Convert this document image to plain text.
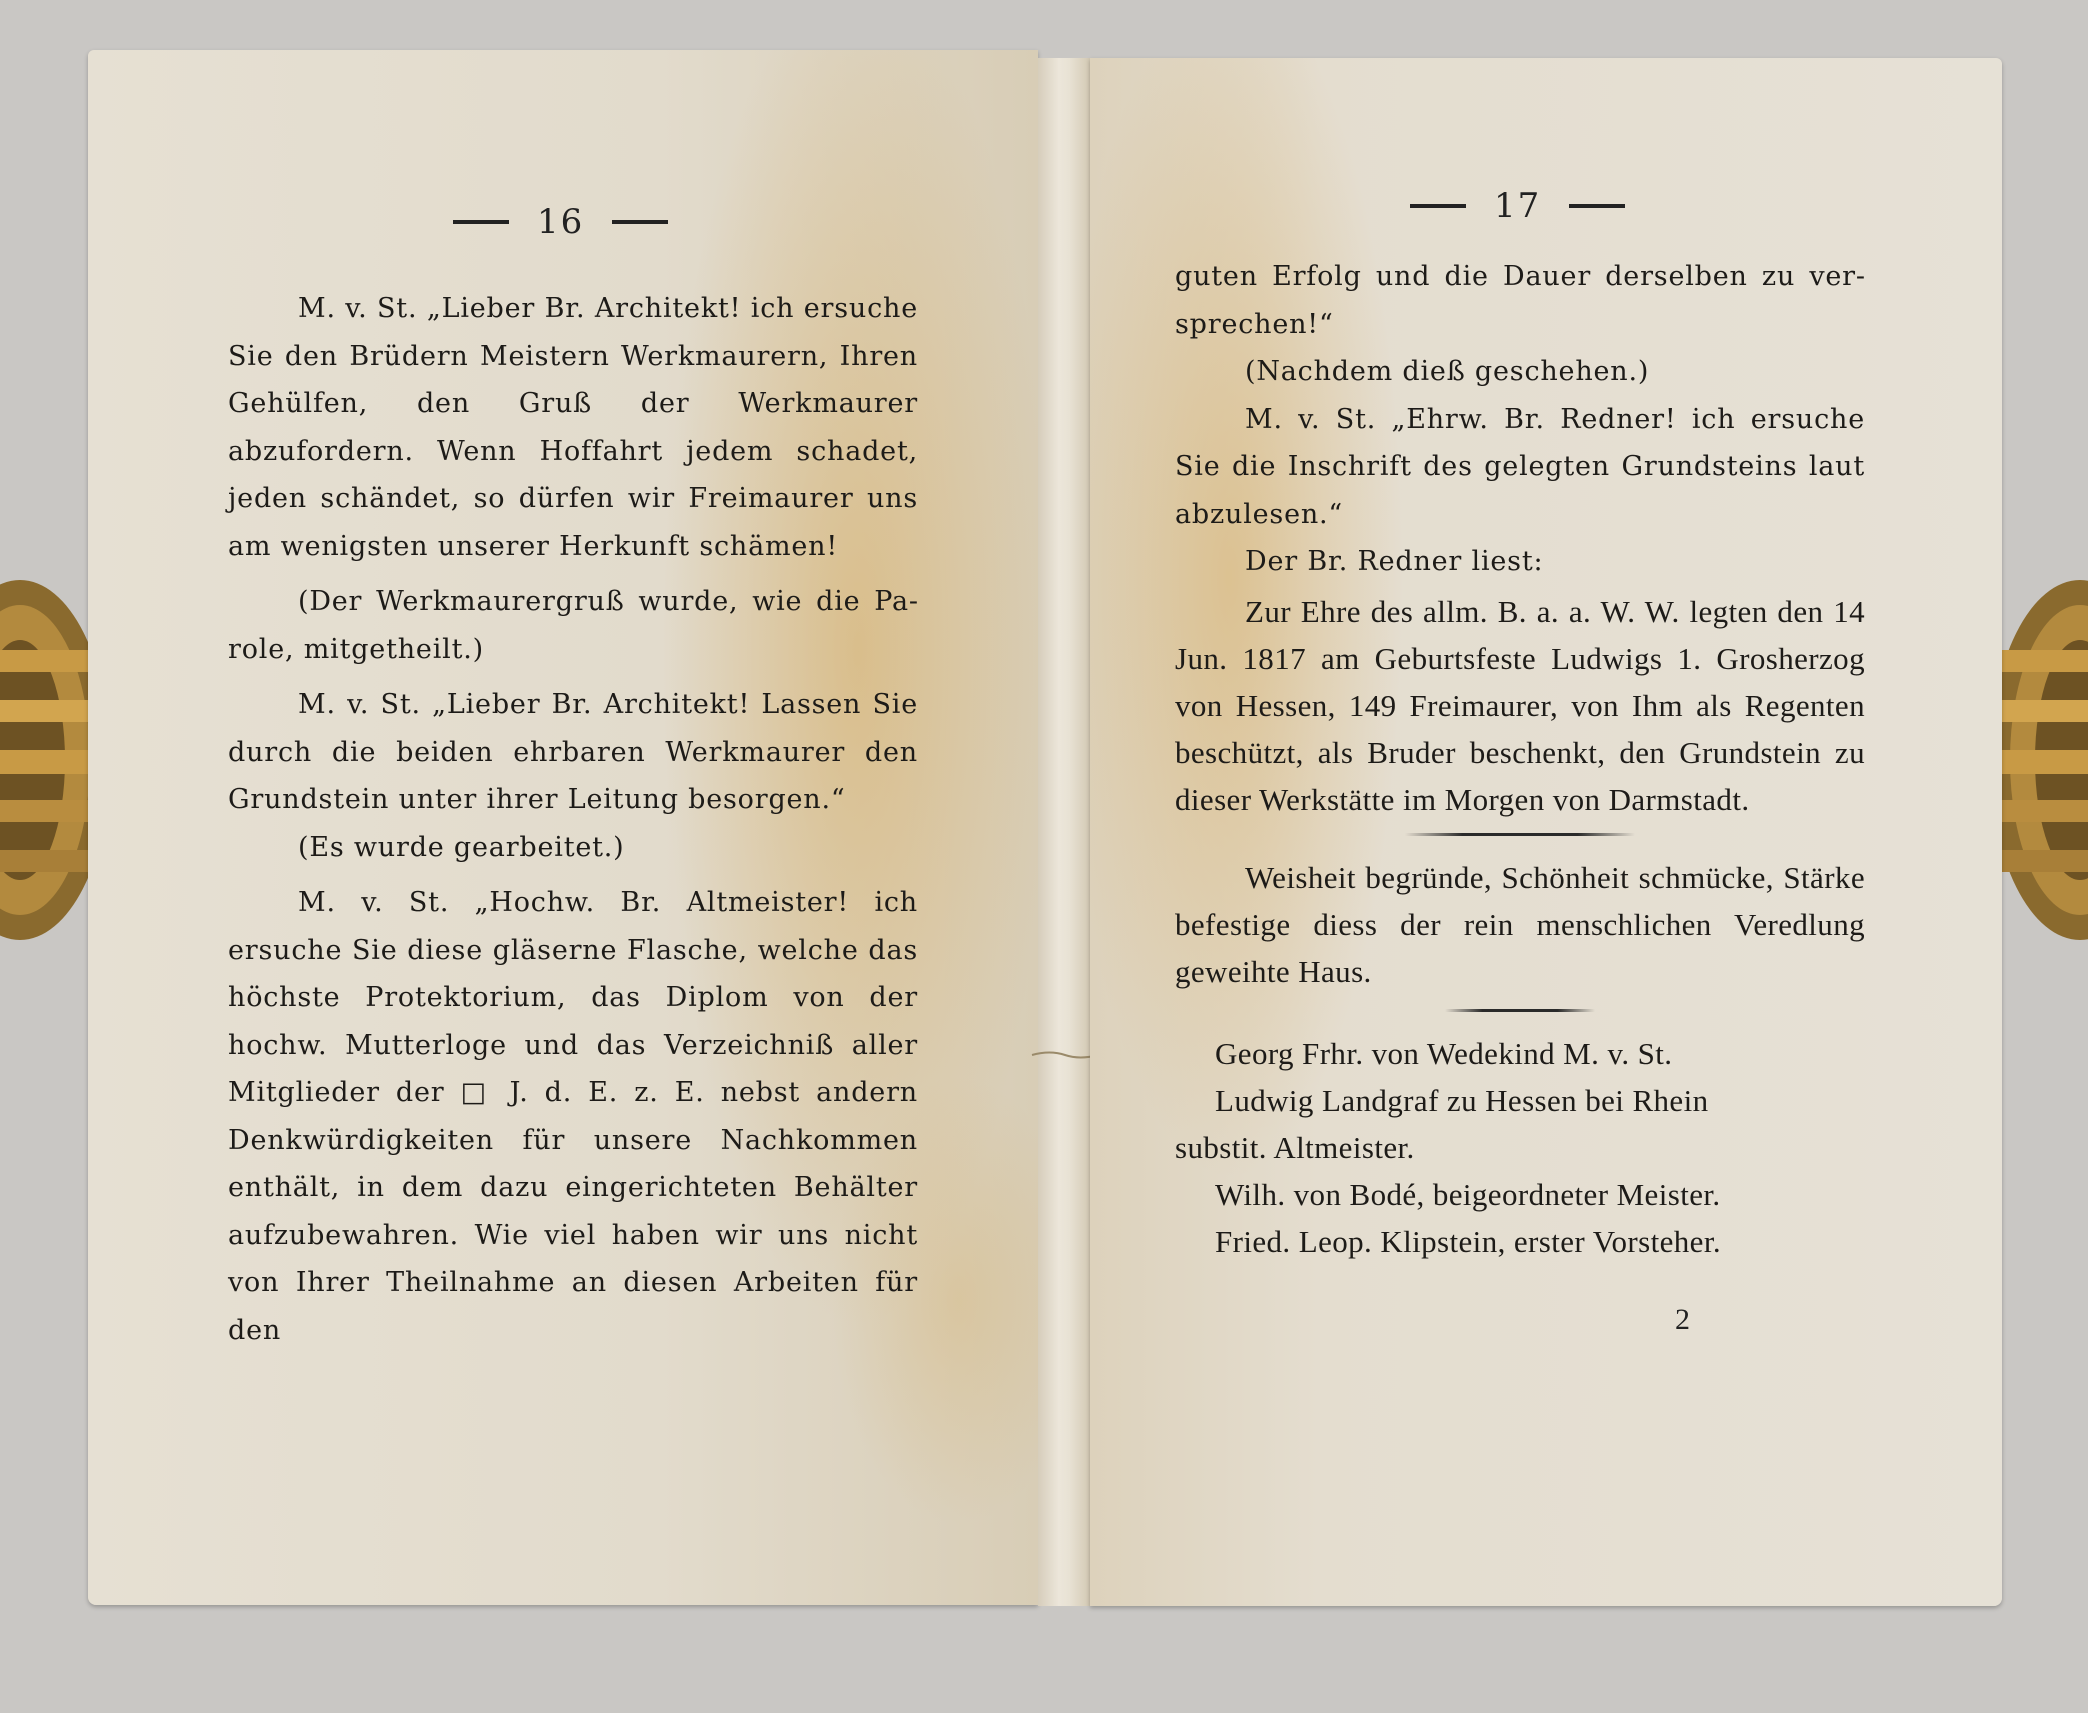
16

M. v. St. „Lieber Br. Architekt! ich ersuche Sie den Brüdern Meistern Werkmaurern, Ihren Gehülfen, den Gruß der Werkmaurer abzufordern. Wenn Hoffahrt jedem schadet, jeden schändet, so dürfen wir Freimaurer uns am wenigsten unserer Herkunft schämen!

(Der Werkmaurergruß wurde, wie die Parole, mitgetheilt.)

M. v. St. „Lieber Br. Architekt! Lassen Sie durch die beiden ehrbaren Werkmaurer den Grundstein unter ihrer Leitung besorgen.“

(Es wurde gearbeitet.)

M. v. St. „Hochw. Br. Altmeister! ich ersuche Sie diese gläserne Flasche, welche das höchste Protektorium, das Diplom von der hochw. Mutterloge und das Verzeichniß aller Mitglieder der □ J. d. E. z. E. nebst andern Denkwürdigkeiten für unsere Nachkommen enthält, in dem dazu eingerichteten Behälter aufzubewahren. Wie viel haben wir uns nicht von Ihrer Theilnahme an diesen Arbeiten für den

17

guten Erfolg und die Dauer derselben zu versprechen!“

(Nachdem dieß geschehen.)

M. v. St. „Ehrw. Br. Redner! ich ersuche Sie die Inschrift des gelegten Grundsteins laut abzulesen.“

Der Br. Redner liest:

Zur Ehre des allm. B. a. a. W. W. legten den 14 Jun. 1817 am Geburtsfeste Ludwigs 1. Grosherzog von Hessen, 149 Freimaurer, von Ihm als Regenten beschützt, als Bruder beschenkt, den Grundstein zu dieser Werkstätte im Morgen von Darmstadt.

Weisheit begründe, Schönheit schmücke, Stärke befestige diess der rein menschlichen Veredlung geweihte Haus.

Georg Frhr. von Wedekind M. v. St.

Ludwig Landgraf zu Hessen bei Rhein

substit. Altmeister.

Wilh. von Bodé, beigeordneter Meister.

Fried. Leop. Klipstein, erster Vorsteher.

2
